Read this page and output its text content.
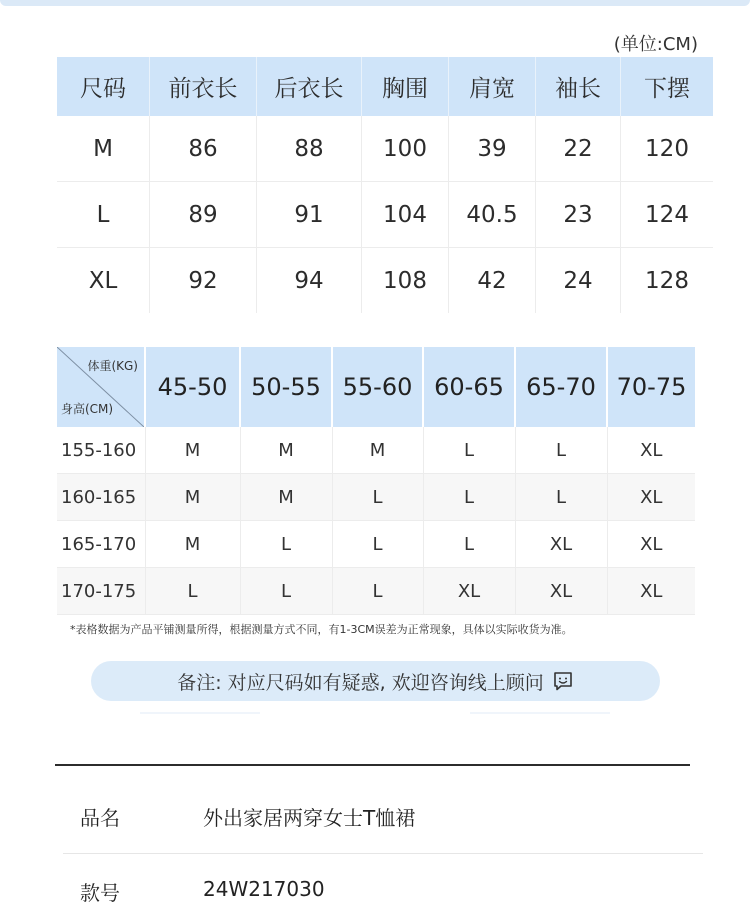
(单位:CM)
尺码	前衣长	后衣长	胸围	肩宽	袖长	下摆
M	86	88	100	39	22	120
L	89	91	104	40.5	23	124
XL	92	94	108	42	24	128
体重(KG)
身高(CM)	45-50	50-55	55-60	60-65	65-70	70-75
155-160	M	M	M	L	L	XL
160-165	M	M	L	L	L	XL
165-170	M	L	L	L	XL	XL
170-175	L	L	L	XL	XL	XL
*表格数据为产品平铺测量所得，根据测量方式不同，有1-3CM误差为正常现象，具体以实际收货为准。
备注: 对应尺码如有疑惑, 欢迎咨询线上顾问
品名	外出家居两穿女士T恤裙
款号	24W217030
